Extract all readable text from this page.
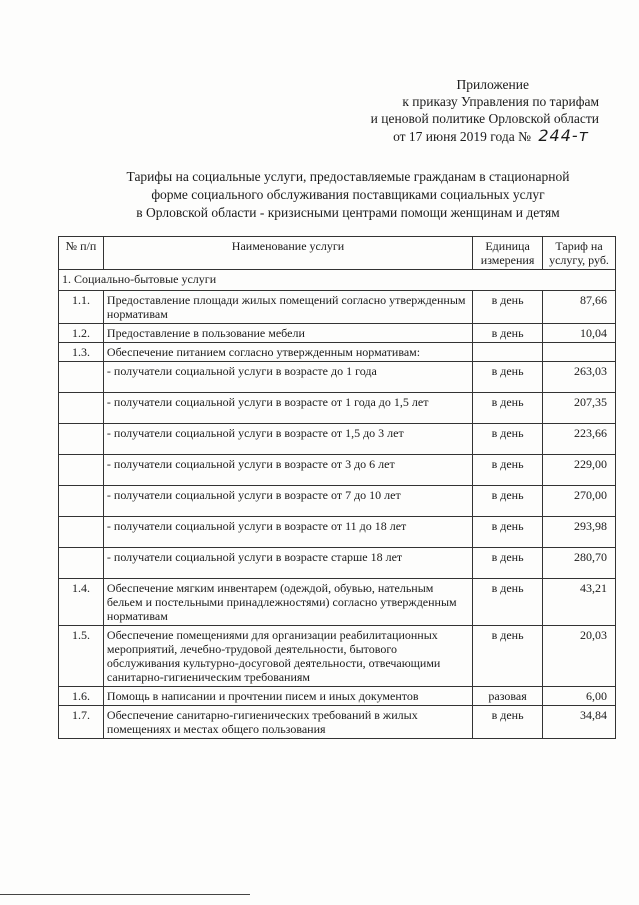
Приложение
к приказу Управления по тарифам
и ценовой политике Орловской области
от 17 июня 2019 года № 244-т
Тарифы на социальные услуги, предоставляемые гражданам в стационарной
форме социального обслуживания поставщиками социальных услуг
в Орловской области - кризисными центрами помощи женщинам и детям
№ п/п	Наименование услуги	Единица измерения	Тариф на услугу, руб.
1. Социально-бытовые услуги			
1.1.	Предоставление площади жилых помещений согласно утвержденным нормативам	в день	87,66
1.2.	Предоставление в пользование мебели	в день	10,04
1.3.	Обеспечение питанием согласно утвержденным нормативам:		
	- получатели социальной услуги в возрасте до 1 года	в день	263,03
	- получатели социальной услуги в возрасте от 1 года до 1,5 лет	в день	207,35
	- получатели социальной услуги в возрасте от 1,5 до 3 лет	в день	223,66
	- получатели социальной услуги в возрасте от 3 до 6 лет	в день	229,00
	- получатели социальной услуги в возрасте от 7 до 10 лет	в день	270,00
	- получатели социальной услуги в возрасте от 11 до 18 лет	в день	293,98
	- получатели социальной услуги в возрасте старше 18 лет	в день	280,70
1.4.	Обеспечение мягким инвентарем (одеждой, обувью, нательным бельем и постельными принадлежностями) согласно утвержденным нормативам	в день	43,21
1.5.	Обеспечение помещениями для организации реабилитационных мероприятий, лечебно-трудовой деятельности, бытового обслуживания культурно-досуговой деятельности, отвечающими санитарно-гигиеническим требованиям	в день	20,03
1.6.	Помощь в написании и прочтении писем и иных документов	разовая	6,00
1.7.	Обеспечение санитарно-гигиенических требований в жилых помещениях и местах общего пользования	в день	34,84
